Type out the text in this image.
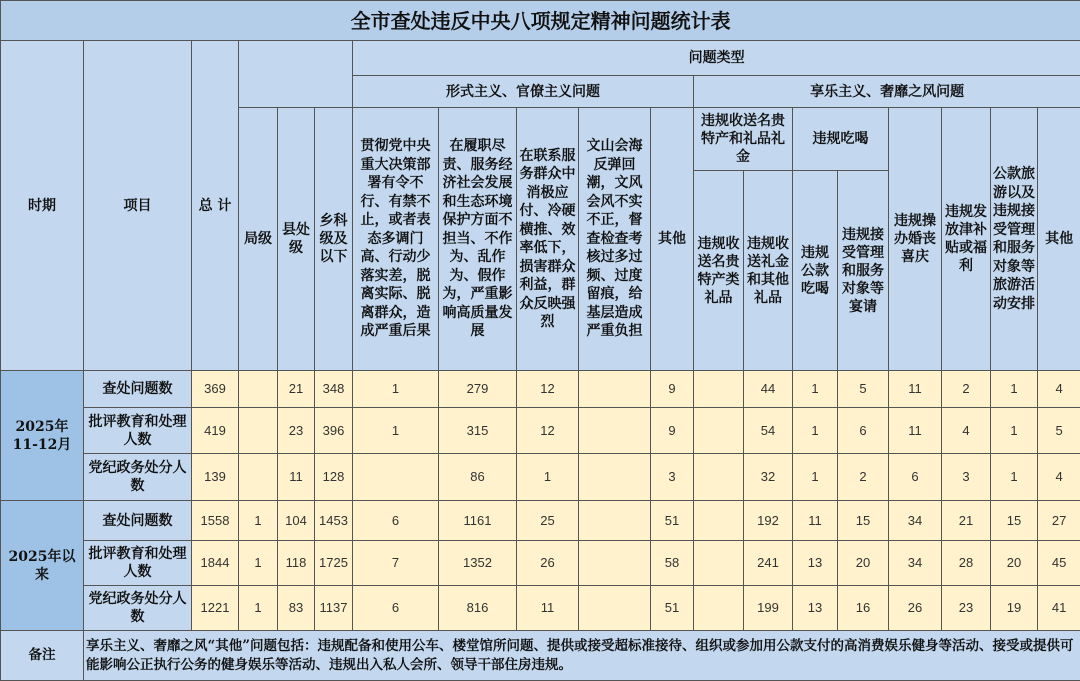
全市查处违反中央八项规定精神问题统计表																		
时期	项目	总 计				问题类型												
						形式主义、官僚主义问题					享乐主义、奢靡之风问题							
			局级	县处级	乡科级及以下	贯彻党中央重大决策部署有令不行、有禁不止，或者表态多调门高、行动少落实差，脱离实际、脱离群众，造成严重后果	在履职尽责、服务经济社会发展和生态环境保护方面不担当、不作为、乱作为、假作为，严重影响高质量发展	在联系服务群众中消极应付、冷硬横推、效率低下，损害群众利益，群众反映强烈	文山会海反弹回潮，文风会风不实不正，督查检查考核过多过频、过度留痕，给基层造成严重负担	其他	违规收送名贵特产和礼品礼金		违规吃喝		违规操办婚丧喜庆	违规发放津补贴或福利	公款旅游以及违规接受管理和服务对象等旅游活动安排	其他
											违规收送名贵特产类礼品	违规收送礼金和其他礼品	违规公款吃喝	违规接受管理和服务对象等宴请				
2025年11-12月	查处问题数	369		21	348	1	279	12		9		44	1	5	11	2	1	4
	批评教育和处理人数	419		23	396	1	315	12		9		54	1	6	11	4	1	5
	党纪政务处分人数	139		11	128		86	1		3		32	1	2	6	3	1	4
2025年以来	查处问题数	1558	1	104	1453	6	1161	25		51		192	11	15	34	21	15	27
	批评教育和处理人数	1844	1	118	1725	7	1352	26		58		241	13	20	34	28	20	45
	党纪政务处分人数	1221	1	83	1137	6	816	11		51		199	13	16	26	23	19	41
备注	享乐主义、奢靡之风“其他”问题包括：违规配备和使用公车、楼堂馆所问题、提供或接受超标准接待、组织或参加用公款支付的高消费娱乐健身等活动、接受或提供可能影响公正执行公务的健身娱乐等活动、违规出入私人会所、领导干部住房违规。																	
